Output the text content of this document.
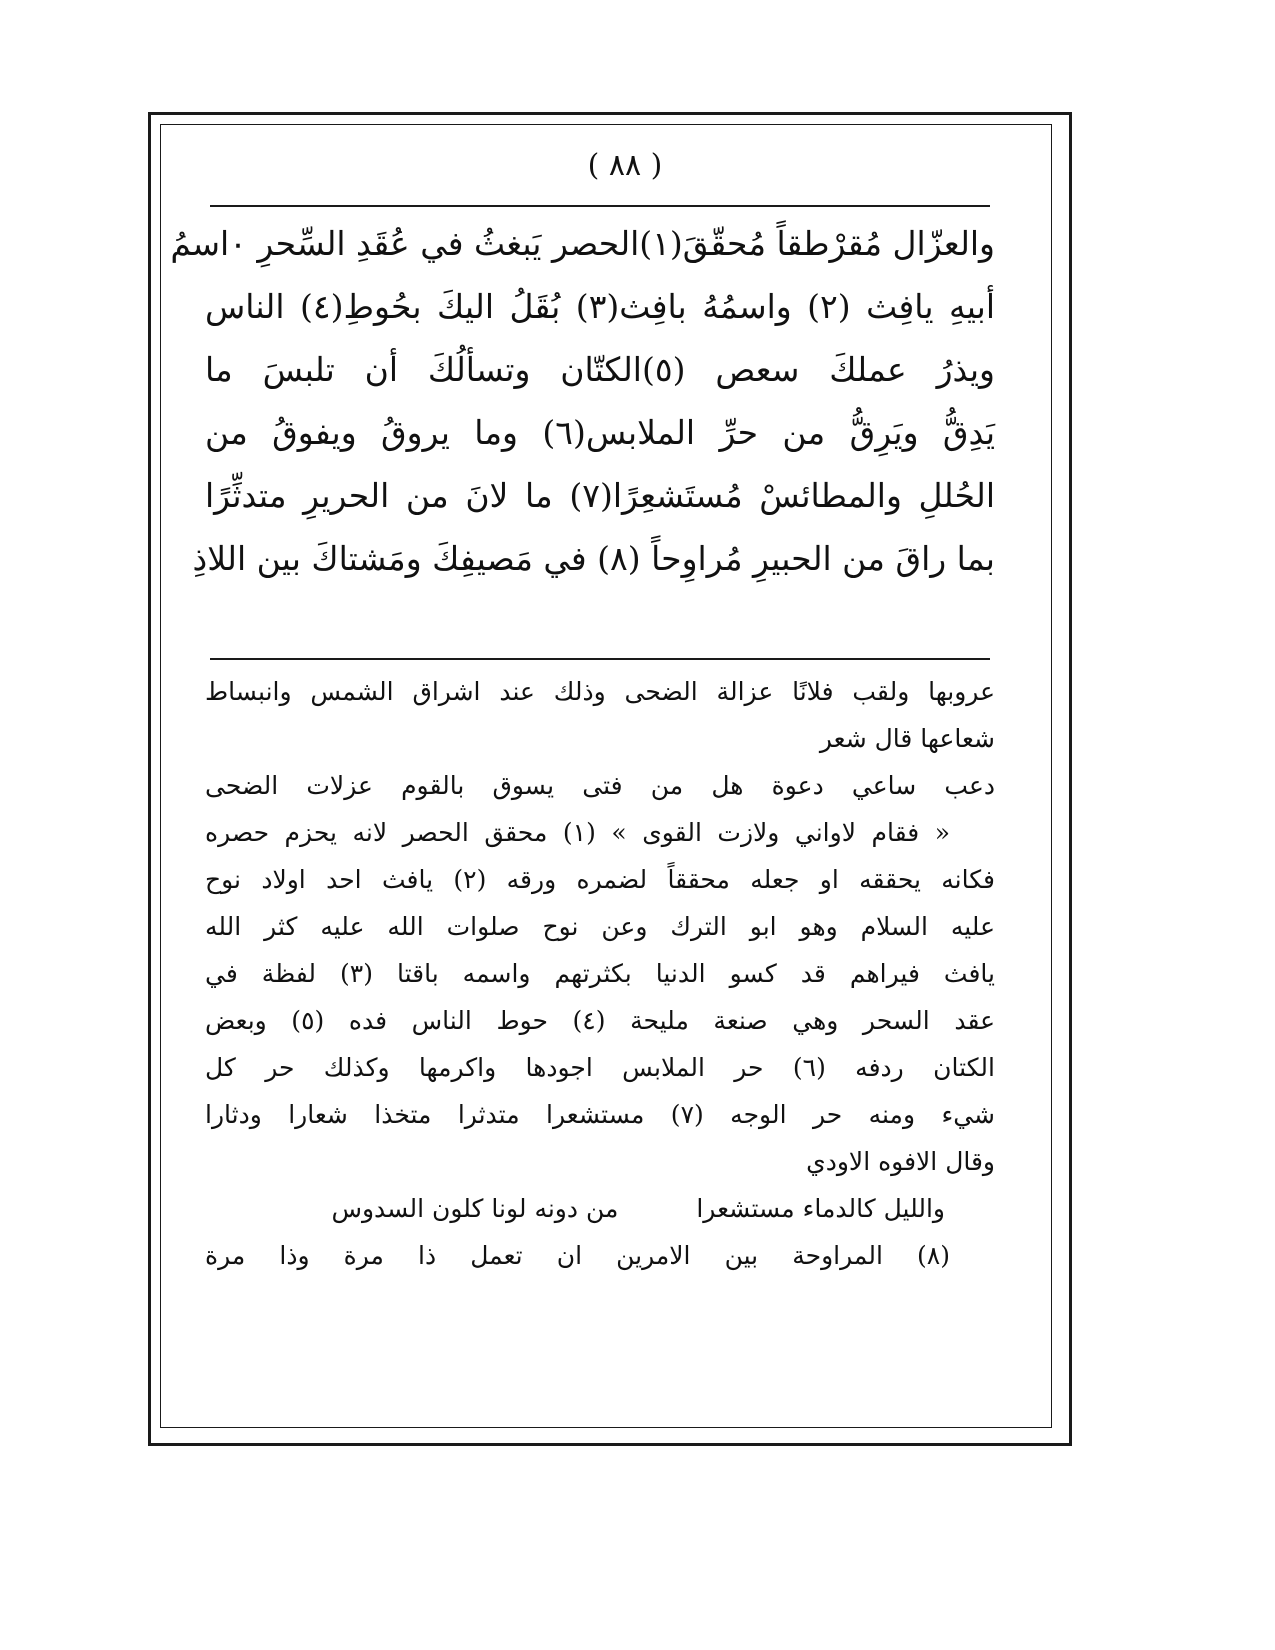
( ٨٨ )
والعزّال مُقرْطقاً مُحقّقَ(١)الحصر يَبغثُ في عُقَدِ السِّحرِ ٠اسمُ
أبيهِ يافِث (٢) واسمُهُ بافِث(٣) بُقَلُ اليكَ بحُوطِ(٤) الناس
ويذرُ عملكَ سعص (٥)الكتّان وتسألُكَ أن تلبسَ ما
يَدِقُّ ويَرِقُّ من حرِّ الملابس(٦) وما يروقُ ويفوقُ من
الحُللِ والمطائسْ مُستَشعِرًا(٧) ما لانَ من الحريرِ متدثِّرًا
بما راقَ من الحبيرِ مُراوِحاً (٨) في مَصيفِكَ ومَشتاكَ بين اللاذِ
عروبها ولقب فلانًا عزالة الضحى وذلك عند اشراق الشمس وانبساط
شعاعها قال شعر
دعب ساعي دعوة هل من فتى يسوق بالقوم عزلات الضحى
« فقام لاواني ولازت القوى » (١) محقق الحصر لانه يحزم حصره
فكانه يحققه او جعله محققاً لضمره ورقه (٢) يافث احد اولاد نوح
عليه السلام وهو ابو الترك وعن نوح صلوات الله عليه كثر الله
يافث فيراهم قد كسو الدنيا بكثرتهم واسمه باقتا (٣) لفظة في
عقد السحر وهي صنعة مليحة (٤) حوط الناس فده (٥) وبعض
الكتان ردفه (٦) حر الملابس اجودها واكرمها وكذلك حر كل
شيء ومنه حر الوجه (٧) مستشعرا متدثرا متخذا شعارا ودثارا
وقال الافوه الاودي
والليل كالدماء مستشعرا من دونه لونا كلون السدوس
(٨) المراوحة بين الامرين ان تعمل ذا مرة وذا مرة
